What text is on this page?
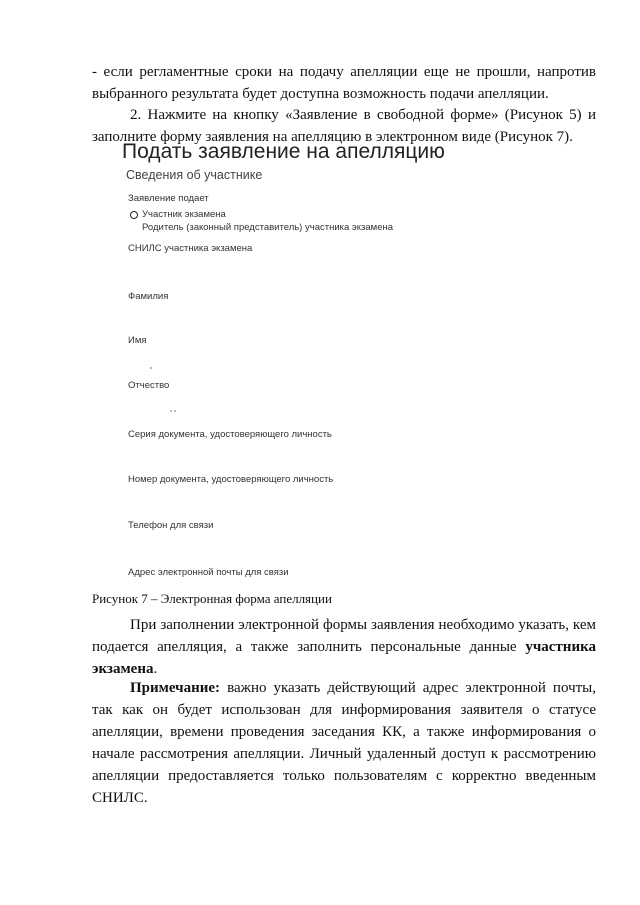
- если регламентные сроки на подачу апелляции еще не прошли, напротив выбранного результата будет доступна возможность подачи апелляции.
2. Нажмите на кнопку «Заявление в свободной форме» (Рисунок 5) и заполните форму заявления на апелляцию в электронном виде (Рисунок 7).
Подать заявление на апелляцию
Сведения об участнике
Заявление подает
Участник экзамена
Родитель (законный представитель) участника экзамена
СНИЛС участника экзамена
Фамилия
Имя
Отчество
Серия документа, удостоверяющего личность
Номер документа, удостоверяющего личность
Телефон для связи
Адрес электронной почты для связи
Рисунок 7 – Электронная форма апелляции
При заполнении электронной формы заявления необходимо указать, кем подается апелляция, а также заполнить персональные данные участника экзамена.
Примечание: важно указать действующий адрес электронной почты, так как он будет использован для информирования заявителя о статусе апелляции, времени проведения заседания КК, а также информирования о начале рассмотрения апелляции. Личный удаленный доступ к рассмотрению апелляции предоставляется только пользователям с корректно введенным СНИЛС.
